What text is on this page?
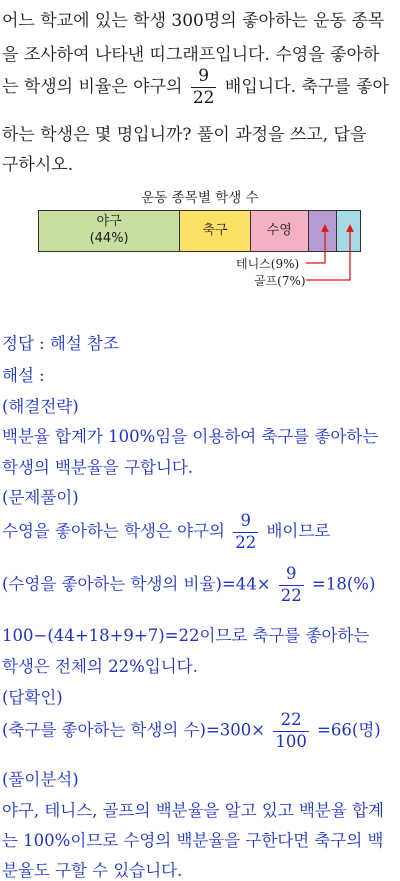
어느 학교에 있는 학생 300명의 좋아하는 운동 종목
을 조사하여 나타낸 띠그래프입니다. 수영을 좋아하
는 학생의 비율은 야구의 $\frac{9}{22}$ 배입니다. 축구를 좋아
하는 학생은 몇 명입니까? 풀이 과정을 쓰고, 답을
구하시오.
운동 종목별 학생 수
야구
(44%)
축구	수영
테니스(9%)
골프(7%)
정답 : 해설 참조
해설 :
(해결전략)
백분율 합계가 100%임을 이용하여 축구를 좋아하는
학생의 백분율을 구합니다.
(문제풀이)
수영을 좋아하는 학생은 야구의 $\frac{9}{22}$ 배이므로
(수영을 좋아하는 학생의 비율)$=44\times \frac{9}{22} =18(\%)$
100−(44+18+9+7)=22이므로 축구를 좋아하는
학생은 전체의 22%입니다.
(답확인)
(축구를 좋아하는 학생의 수)$=300\times \frac{22}{100} =66$(명)
(풀이분석)
야구, 테니스, 골프의 백분율을 알고 있고 백분율 합계
는 100%이므로 수영의 백분율을 구한다면 축구의 백
분율도 구할 수 있습니다.
